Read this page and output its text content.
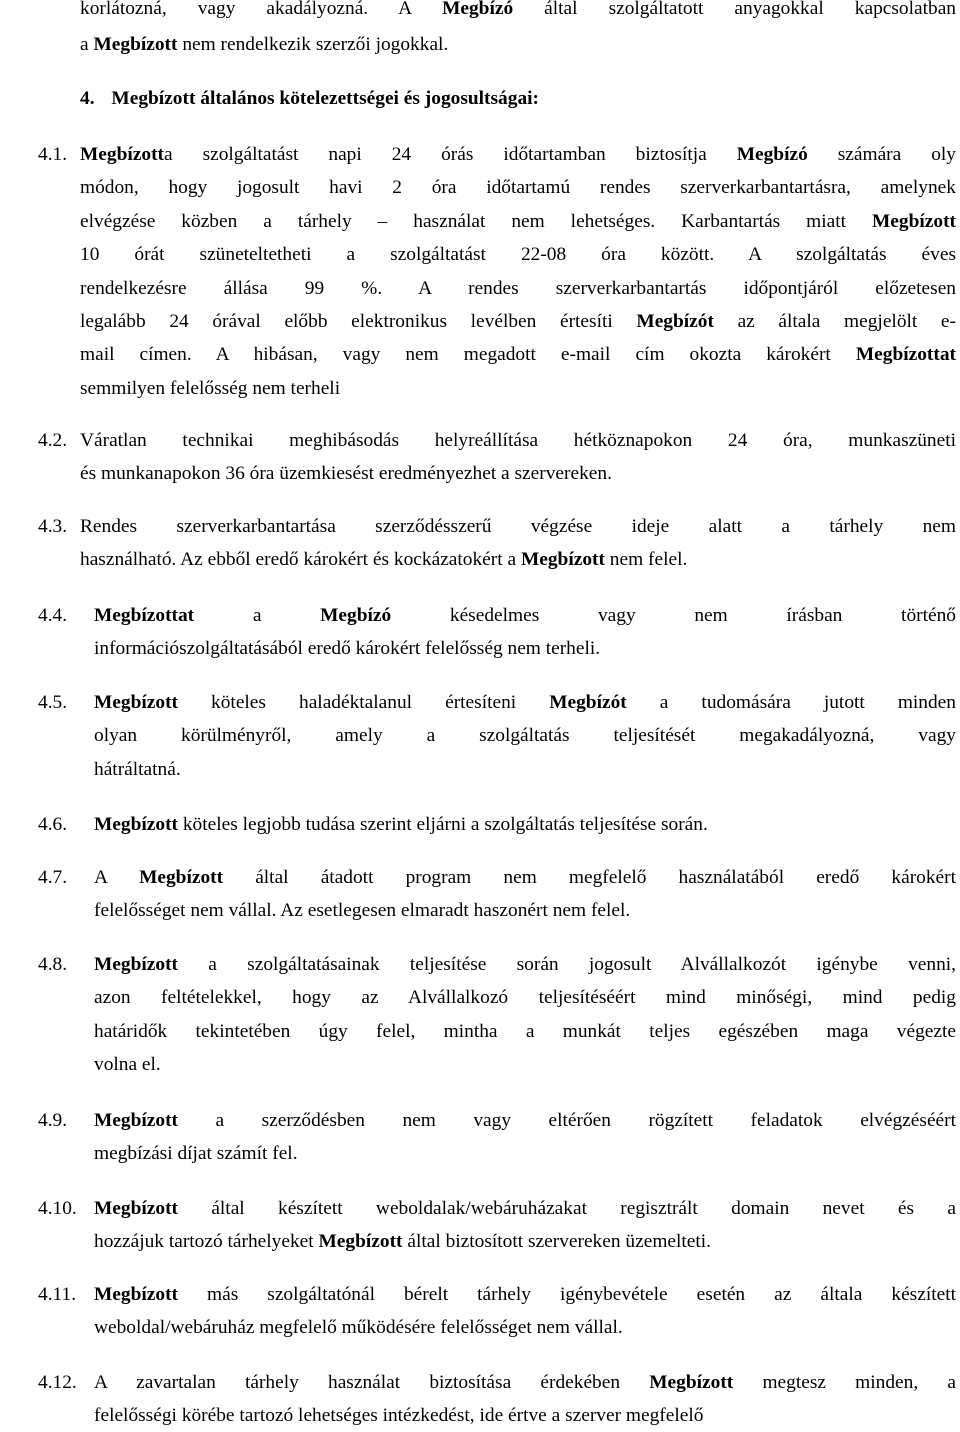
korlátozná, vagy akadályozná. A Megbízó által szolgáltatott anyagokkal kapcsolatban
a Megbízott nem rendelkezik szerzői jogokkal.
4. Megbízott általános kötelezettségei és jogosultságai:
4.1. Megbízotta szolgáltatást napi 24 órás időtartamban biztosítja Megbízó számára oly
módon, hogy jogosult havi 2 óra időtartamú rendes szerverkarbantartásra, amelynek
elvégzése közben a tárhely – használat nem lehetséges. Karbantartás miatt Megbízott
10 órát szüneteltetheti a szolgáltatást 22-08 óra között. A szolgáltatás éves
rendelkezésre állása 99 %. A rendes szerverkarbantartás időpontjáról előzetesen
legalább 24 órával előbb elektronikus levélben értesíti Megbízót az általa megjelölt e-
mail címen. A hibásan, vagy nem megadott e-mail cím okozta károkért Megbízottat
semmilyen felelősség nem terheli
4.2. Váratlan technikai meghibásodás helyreállítása hétköznapokon 24 óra, munkaszüneti
és munkanapokon 36 óra üzemkiesést eredményezhet a szervereken.
4.3. Rendes szerverkarbantartása szerződésszerű végzése ideje alatt a tárhely nem
használható. Az ebből eredő károkért és kockázatokért a Megbízott nem felel.
4.4. Megbízottat a Megbízó késedelmes vagy nem írásban történő
információszolgáltatásából eredő károkért felelősség nem terheli.
4.5. Megbízott köteles haladéktalanul értesíteni Megbízót a tudomására jutott minden
olyan körülményről, amely a szolgáltatás teljesítését megakadályozná, vagy
hátráltatná.
4.6. Megbízott köteles legjobb tudása szerint eljárni a szolgáltatás teljesítése során.
4.7. A Megbízott által átadott program nem megfelelő használatából eredő károkért
felelősséget nem vállal. Az esetlegesen elmaradt haszonért nem felel.
4.8. Megbízott a szolgáltatásainak teljesítése során jogosult Alvállalkozót igénybe venni,
azon feltételekkel, hogy az Alvállalkozó teljesítéséért mind minőségi, mind pedig
határidők tekintetében úgy felel, mintha a munkát teljes egészében maga végezte
volna el.
4.9. Megbízott a szerződésben nem vagy eltérően rögzített feladatok elvégzéséért
megbízási díjat számít fel.
4.10. Megbízott által készített weboldalak/webáruházakat regisztrált domain nevet és a
hozzájuk tartozó tárhelyeket Megbízott által biztosított szervereken üzemelteti.
4.11. Megbízott más szolgáltatónál bérelt tárhely igénybevétele esetén az általa készített
weboldal/webáruház megfelelő működésére felelősséget nem vállal.
4.12. A zavartalan tárhely használat biztosítása érdekében Megbízott megtesz minden, a
felelősségi körébe tartozó lehetséges intézkedést, ide értve a szerver megfelelő
